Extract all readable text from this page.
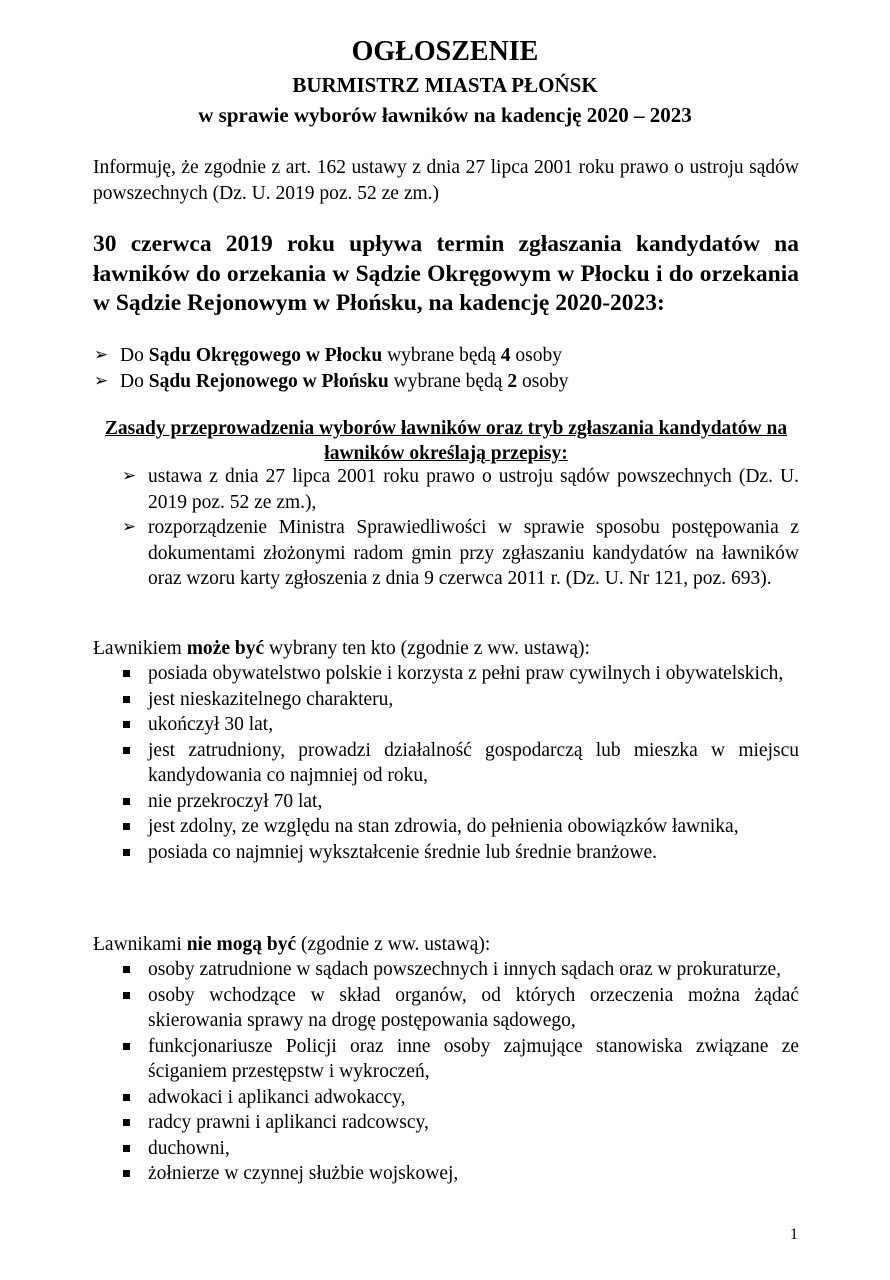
OGŁOSZENIE
BURMISTRZ MIASTA PŁOŃSK
w sprawie wyborów ławników na kadencję 2020 – 2023

Informuję, że zgodnie z art. 162 ustawy z dnia 27 lipca 2001 roku prawo o ustroju sądów powszechnych (Dz. U. 2019 poz. 52 ze zm.)

30 czerwca 2019 roku upływa termin zgłaszania kandydatów na ławników do orzekania w Sądzie Okręgowym w Płocku i do orzekania w Sądzie Rejonowym w Płońsku, na kadencję 2020-2023:
➢ Do Sądu Okręgowego w Płocku wybrane będą 4 osoby
➢ Do Sądu Rejonowego w Płońsku wybrane będą 2 osoby
Zasady przeprowadzenia wyborów ławników oraz tryb zgłaszania kandydatów na ławników określają przepisy:
➢ ustawa z dnia 27 lipca 2001 roku prawo o ustroju sądów powszechnych (Dz. U. 2019 poz. 52 ze zm.),
➢ rozporządzenie Ministra Sprawiedliwości w sprawie sposobu postępowania z dokumentami złożonymi radom gmin przy zgłaszaniu kandydatów na ławników oraz wzoru karty zgłoszenia z dnia 9 czerwca 2011 r. (Dz. U. Nr 121, poz. 693).
Ławnikiem może być wybrany ten kto (zgodnie z ww. ustawą):
posiada obywatelstwo polskie i korzysta z pełni praw cywilnych i obywatelskich,
jest nieskazitelnego charakteru,
ukończył 30 lat,
jest zatrudniony, prowadzi działalność gospodarczą lub mieszka w miejscu kandydowania co najmniej od roku,
nie przekroczył 70 lat,
jest zdolny, ze względu na stan zdrowia, do pełnienia obowiązków ławnika,
posiada co najmniej wykształcenie średnie lub średnie branżowe.
Ławnikami nie mogą być (zgodnie z ww. ustawą):
osoby zatrudnione w sądach powszechnych i innych sądach oraz w prokuraturze,
osoby wchodzące w skład organów, od których orzeczenia można żądać skierowania sprawy na drogę postępowania sądowego,
funkcjonariusze Policji oraz inne osoby zajmujące stanowiska związane ze ściganiem przestępstw i wykroczeń,
adwokaci i aplikanci adwokaccy,
radcy prawni i aplikanci radcowscy,
duchowni,
żołnierze w czynnej służbie wojskowej,
1
